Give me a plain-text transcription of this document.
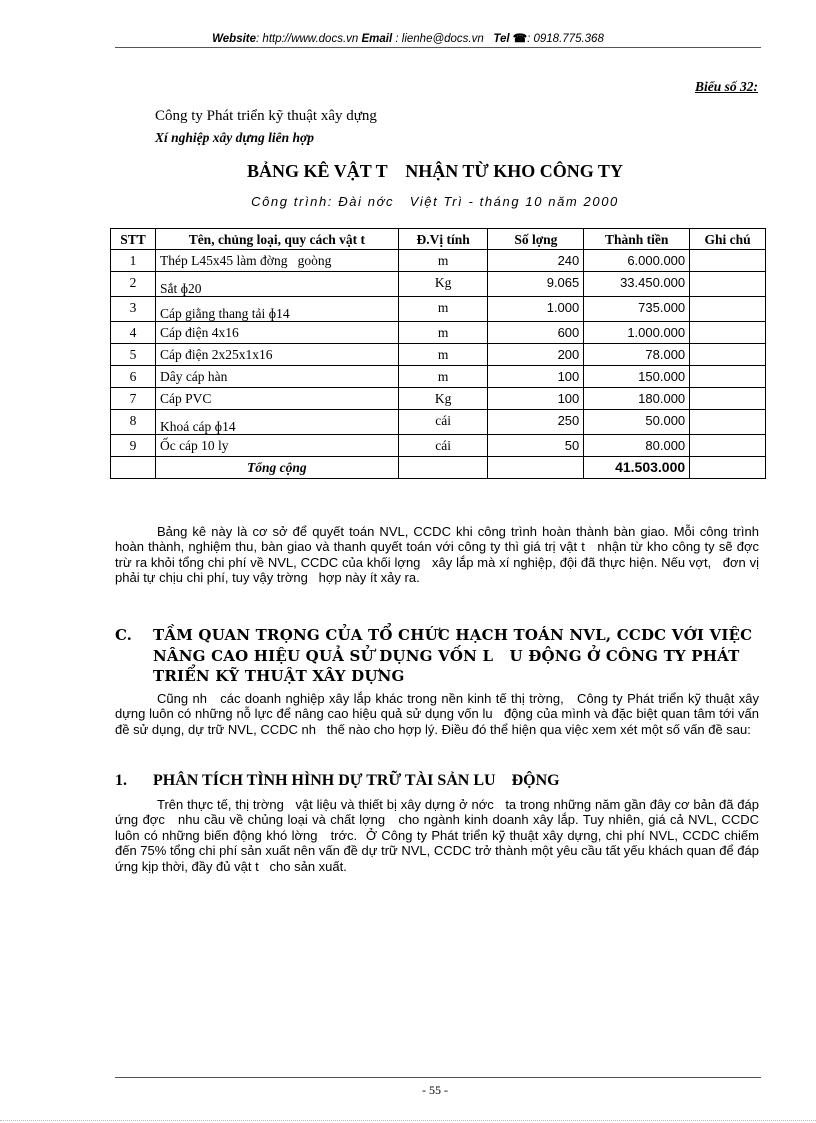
Website: http://www.docs.vn Email : lienhe@docs.vn Tel ☎: 0918.775.368
Biểu số 32:
Công ty Phát triển kỹ thuật xây dựng
Xí nghiệp xây dựng liên hợp
BẢNG KÊ VẬT T    NHẬN TỪ KHO CÔNG TY
Công trình: Đài nớc   Việt Trì - tháng 10 năm 2000
STT	Tên, chủng loại, quy cách vật t	Đ.Vị tính	Số lợng	Thành tiền	Ghi chú
1	Thép L45x45 làm đờng   goòng	m	240	6.000.000	
2	Sắt ɸ20	Kg	9.065	33.450.000	
3	Cáp giằng thang tải ɸ14	m	1.000	735.000	
4	Cáp điện 4x16	m	600	1.000.000	
5	Cáp điện 2x25x1x16	m	200	78.000	
6	Dây cáp hàn	m	100	150.000	
7	Cáp PVC	Kg	100	180.000	
8	Khoá cáp ɸ14	cái	250	50.000	
9	Ốc cáp 10 ly	cái	50	80.000	
	Tổng cộng			41.503.000	

Bảng kê này là cơ sở để quyết toán NVL, CCDC khi công trình hoàn thành bàn giao. Mỗi công trình hoàn thành, nghiệm thu, bàn giao và thanh quyết toán với công ty thì giá trị vật t   nhận từ kho công ty sẽ đợc   trừ ra khỏi tổng chi phí về NVL, CCDC của khối lợng   xây lắp mà xí nghiệp, đội đã thực hiện. Nếu vợt,   đơn vị phải tự chịu chi phí, tuy vậy trờng   hợp này ít xảy ra.

C. TẦM QUAN TRỌNG CỦA TỔ CHỨC HẠCH TOÁN NVL, CCDC VỚI VIỆC NÂNG CAO HIỆU QUẢ SỬ DỤNG VỐN L   U ĐỘNG Ở CÔNG TY PHÁT TRIỂN KỸ THUẬT XÂY DỰNG

Cũng nh   các doanh nghiệp xây lắp khác trong nền kinh tế thị trờng,   Công ty Phát triển kỹ thuật xây dựng luôn có những nỗ lực để nâng cao hiệu quả sử dụng vốn lu   động của mình và đặc biệt quan tâm tới vấn đề sử dụng, dự trữ NVL, CCDC nh   thế nào cho hợp lý. Điều đó thể hiện qua việc xem xét một số vấn đề sau:

1. PHÂN TÍCH TÌNH HÌNH DỰ TRỮ TÀI SẢN LU    ĐỘNG

Trên thực tế, thị trờng   vật liệu và thiết bị xây dựng ở nớc   ta trong những năm gần đây cơ bản đã đáp ứng đợc   nhu cầu về chủng loại và chất lợng   cho ngành kinh doanh xây lắp. Tuy nhiên, giá cả NVL, CCDC luôn có những biến động khó lờng   trớc.  Ở Công ty Phát triển kỹ thuật xây dựng, chi phí NVL, CCDC chiếm đến 75% tổng chi phí sản xuất nên vấn đề dự trữ NVL, CCDC trở thành một yêu cầu tất yếu khách quan để đáp ứng kịp thời, đầy đủ vật t   cho sản xuất.

- 55 -
